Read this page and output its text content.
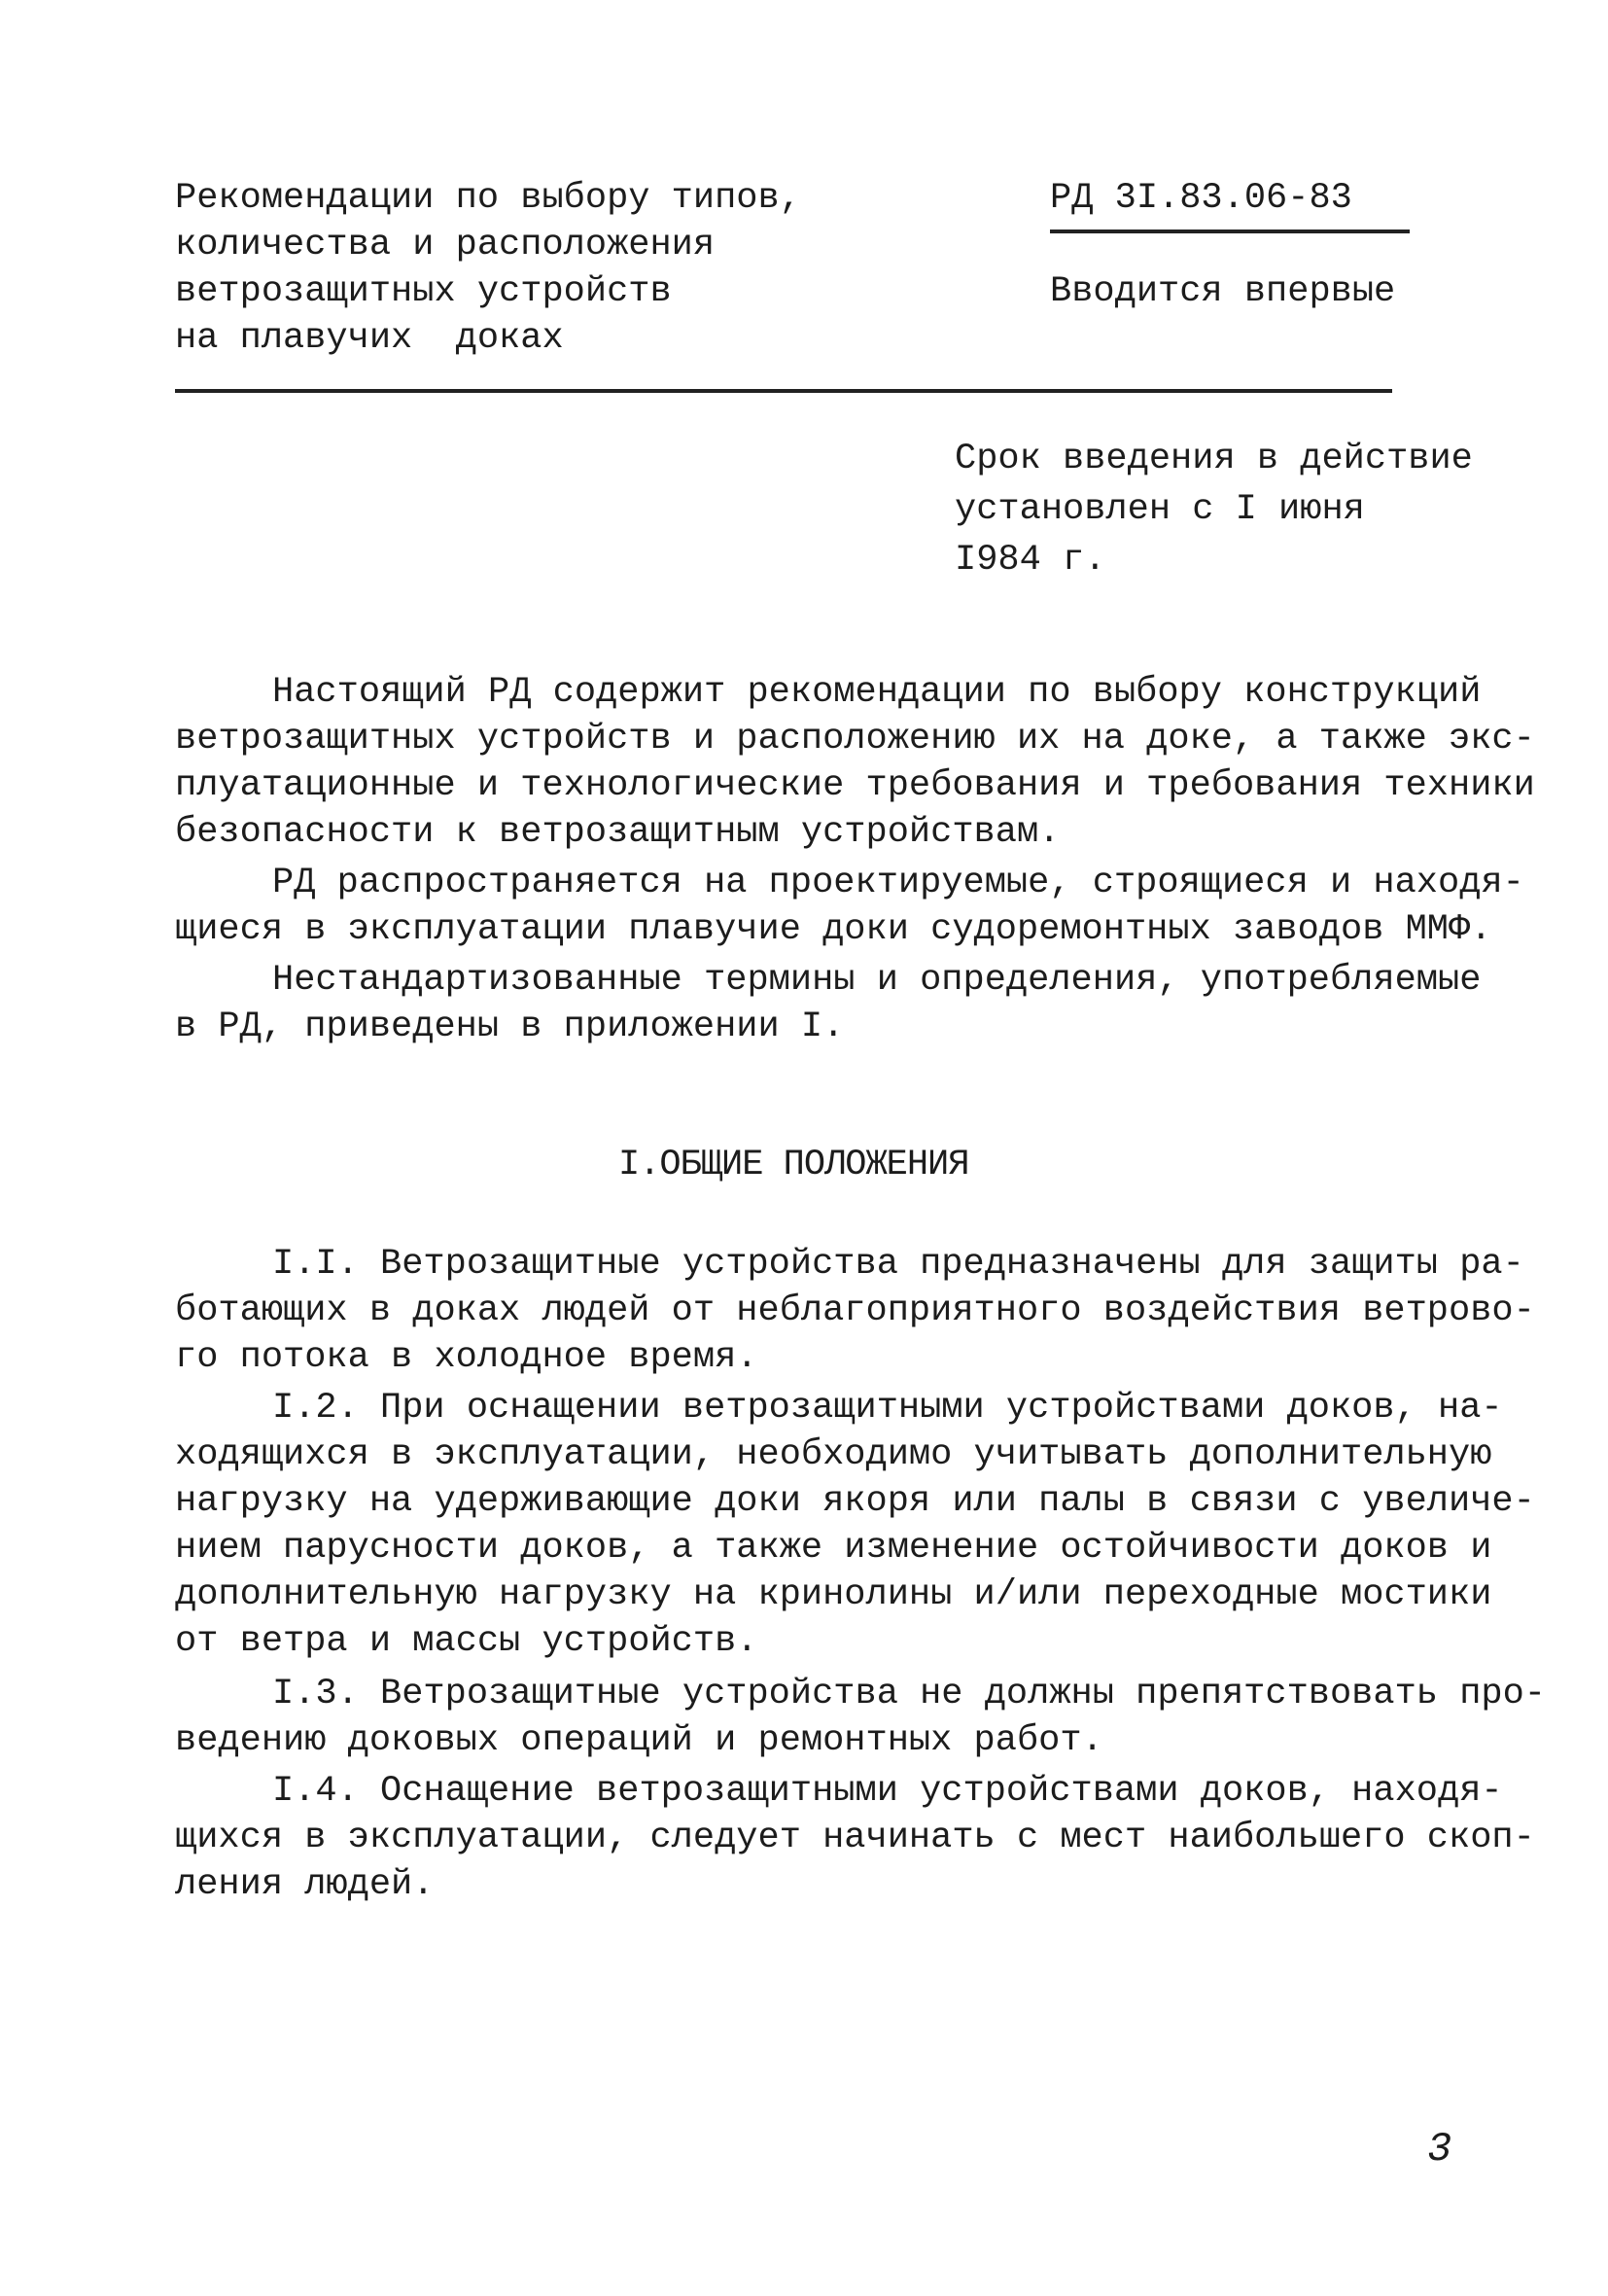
Рекомендации по выбору типов,
количества и расположения
ветрозащитных устройств
на плавучих  доках
РД 3I.83.06-83
Вводится впервые
Срок введения в действие
установлен с I июня
I984 г.
Настоящий РД содержит рекомендации по выбору конструкций
ветрозащитных устройств и расположению их на доке, а также экс-
плуатационные и технологические требования и требования техники
безопасности к ветрозащитным устройствам.
РД распространяется на проектируемые, строящиеся и находя-
щиеся в эксплуатации плавучие доки судоремонтных заводов ММФ.
Нестандартизованные термины и определения, употребляемые
в РД, приведены в приложении I.
I.ОБЩИЕ ПОЛОЖЕНИЯ
I.I. Ветрозащитные устройства предназначены для защиты ра-
ботающих в доках людей от неблагоприятного воздействия ветрово-
го потока в холодное время.
I.2. При оснащении ветрозащитными устройствами доков, на-
ходящихся в эксплуатации, необходимо учитывать дополнительную
нагрузку на удерживающие доки якоря или палы в связи с увеличе-
нием парусности доков, а также изменение остойчивости доков и
дополнительную нагрузку на кринолины и/или переходные мостики
от ветра и массы устройств.
I.3. Ветрозащитные устройства не должны препятствовать про-
ведению доковых операций и ремонтных работ.
I.4. Оснащение ветрозащитными устройствами доков, находя-
щихся в эксплуатации, следует начинать с мест наибольшего скоп-
ления людей.
3
